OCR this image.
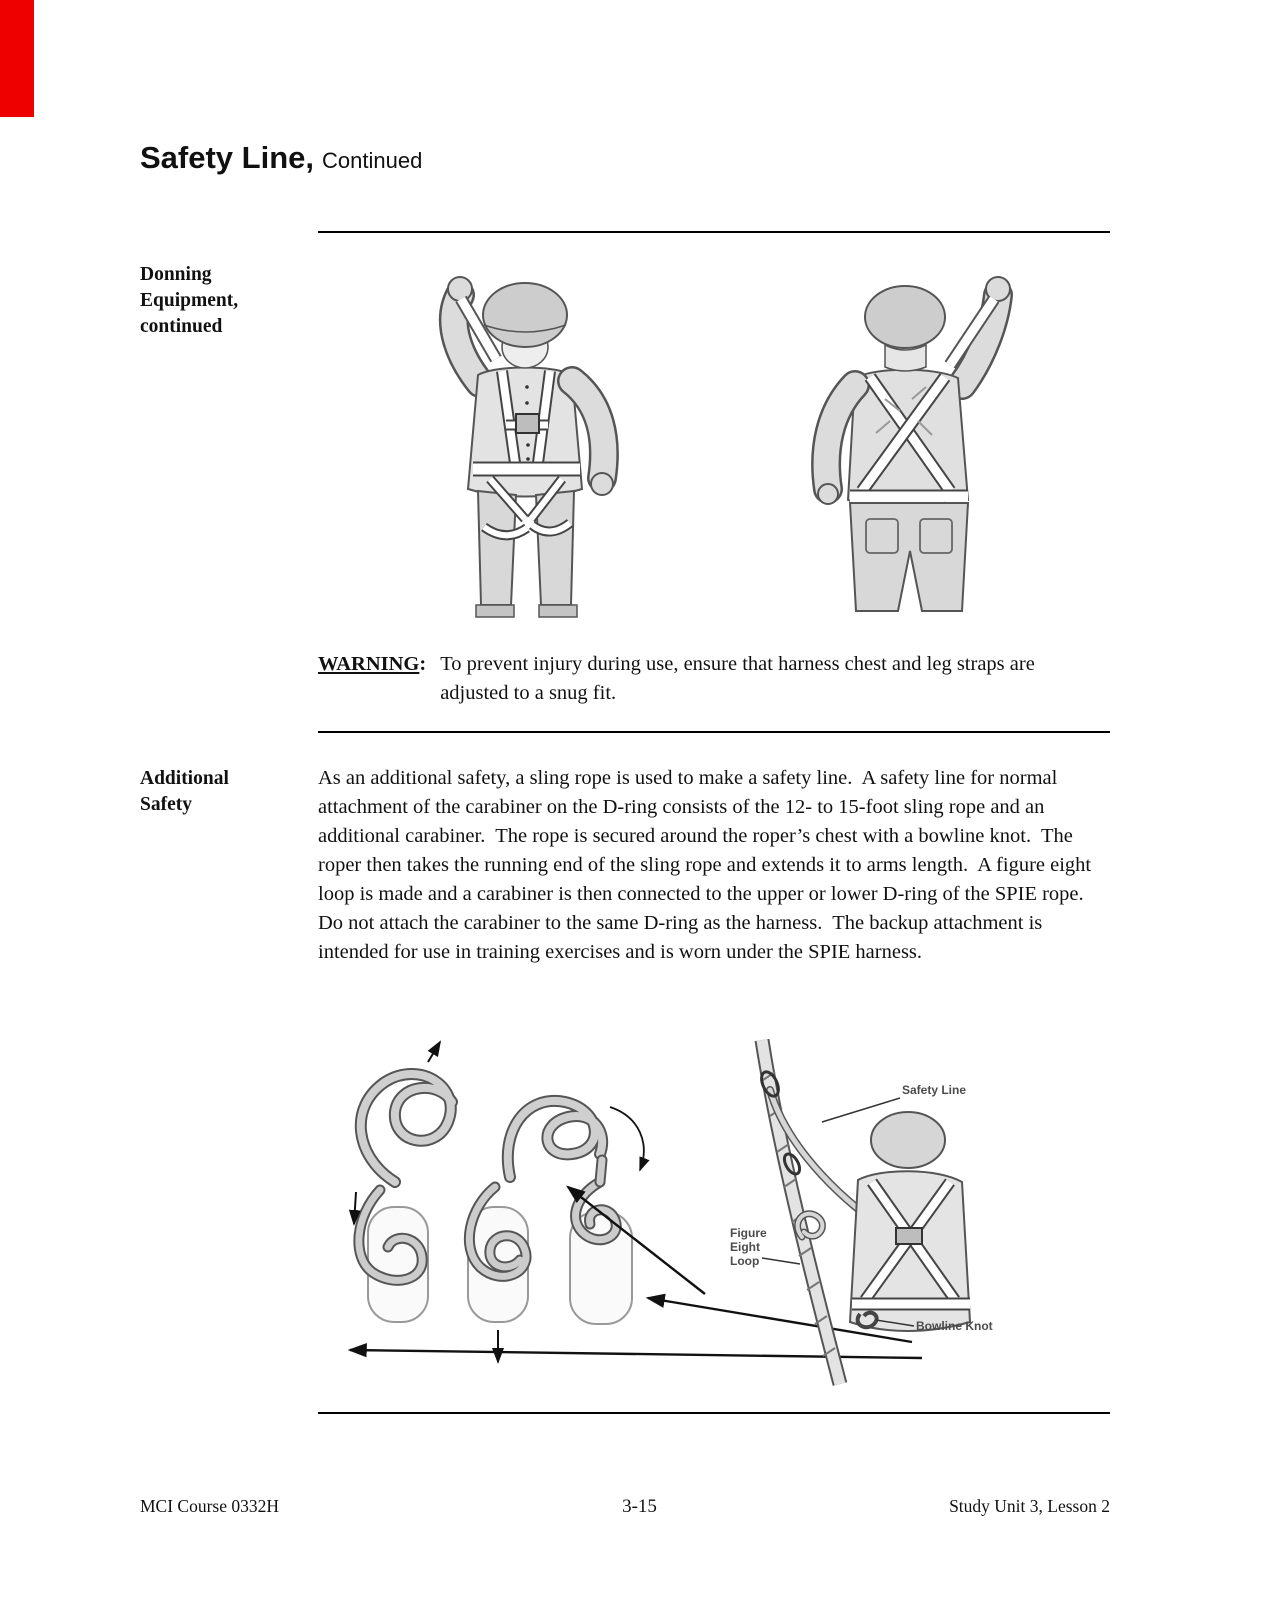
Safety Line, Continued
Donning
Equipment,
continued
WARNING : To prevent injury during use, ensure that harness chest and leg straps are adjusted to a snug fit.
Additional
Safety
As an additional safety, a sling rope is used to make a safety line.  A safety line for normal attachment of the carabiner on the D-ring consists of the 12- to 15-foot sling rope and an additional carabiner.  The rope is secured around the roper’s chest with a bowline knot.  The roper then takes the running end of the sling rope and extends it to arms length.  A figure eight loop is made and a carabiner is then connected to the upper or lower D-ring of the SPIE rope.  Do not attach the carabiner to the same D-ring as the harness.  The backup attachment is intended for use in training exercises and is worn under the SPIE harness.
Safety Line
Figure
Eight
Loop
Bowline Knot
MCI Course 0332H	3-15	Study Unit 3, Lesson 2
